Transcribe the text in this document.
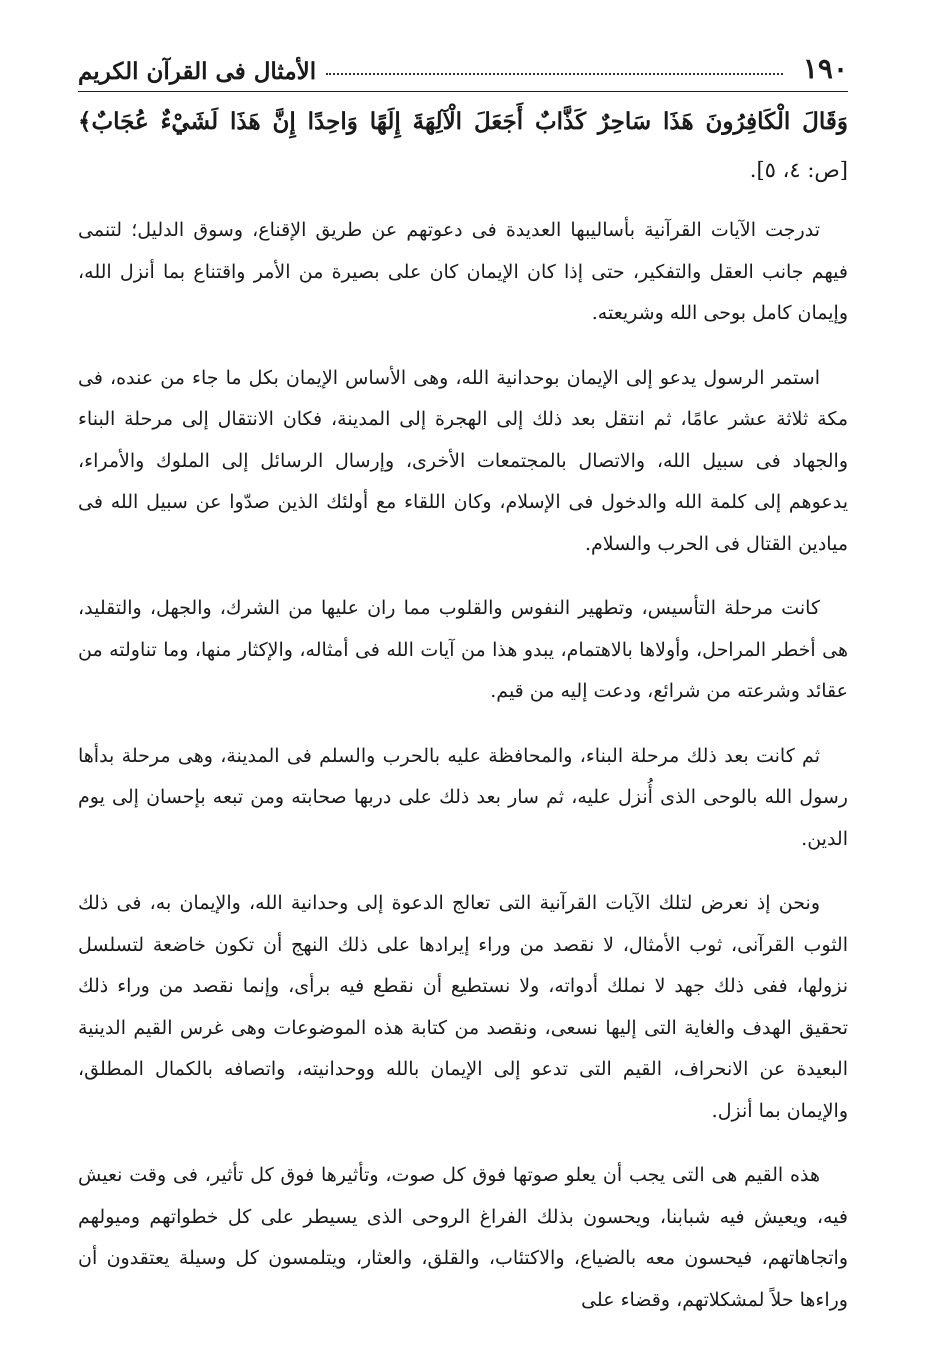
١٩٠
الأمثال فى القرآن الكريم
وَقَالَ الْكَافِرُونَ هَذَا سَاحِرٌ كَذَّابٌ أَجَعَلَ الْآلِهَةَ إِلَهًا وَاحِدًا إِنَّ هَذَا لَشَيْءٌ عُجَابٌ﴾
[ص: ٤، ٥].

تدرجت الآيات القرآنية بأساليبها العديدة فى دعوتهم عن طريق الإقناع، وسوق الدليل؛ لتنمى فيهم جانب العقل والتفكير، حتى إذا كان الإيمان كان على بصيرة من الأمر واقتناع بما أنزل الله، وإيمان كامل بوحى الله وشريعته.

استمر الرسول يدعو إلى الإيمان بوحدانية الله، وهى الأساس الإيمان بكل ما جاء من عنده، فى مكة ثلاثة عشر عامًا، ثم انتقل بعد ذلك إلى الهجرة إلى المدينة، فكان الانتقال إلى مرحلة البناء والجهاد فى سبيل الله، والاتصال بالمجتمعات الأخرى، وإرسال الرسائل إلى الملوك والأمراء، يدعوهم إلى كلمة الله والدخول فى الإسلام، وكان اللقاء مع أولئك الذين صدّوا عن سبيل الله فى ميادين القتال فى الحرب والسلام.

كانت مرحلة التأسيس، وتطهير النفوس والقلوب مما ران عليها من الشرك، والجهل، والتقليد، هى أخطر المراحل، وأولاها بالاهتمام، يبدو هذا من آيات الله فى أمثاله، والإكثار منها، وما تناولته من عقائد وشرعته من شرائع، ودعت إليه من قيم.

ثم كانت بعد ذلك مرحلة البناء، والمحافظة عليه بالحرب والسلم فى المدينة، وهى مرحلة بدأها رسول الله بالوحى الذى أُنزل عليه، ثم سار بعد ذلك على دربها صحابته ومن تبعه بإحسان إلى يوم الدين.

ونحن إذ نعرض لتلك الآيات القرآنية التى تعالج الدعوة إلى وحدانية الله، والإيمان به، فى ذلك الثوب القرآنى، ثوب الأمثال، لا نقصد من وراء إيرادها على ذلك النهج أن تكون خاضعة لتسلسل نزولها، ففى ذلك جهد لا نملك أدواته، ولا نستطيع أن نقطع فيه برأى، وإنما نقصد من وراء ذلك تحقيق الهدف والغاية التى إليها نسعى، ونقصد من كتابة هذه الموضوعات وهى غرس القيم الدينية البعيدة عن الانحراف، القيم التى تدعو إلى الإيمان بالله ووحدانيته، واتصافه بالكمال المطلق، والإيمان بما أنزل.

هذه القيم هى التى يجب أن يعلو صوتها فوق كل صوت، وتأثيرها فوق كل تأثير، فى وقت نعيش فيه، ويعيش فيه شبابنا، ويحسون بذلك الفراغ الروحى الذى يسيطر على كل خطواتهم وميولهم واتجاهاتهم، فيحسون معه بالضياع، والاكتئاب، والقلق، والعثار، ويتلمسون كل وسيلة يعتقدون أن وراءها حلاً لمشكلاتهم، وقضاء على
